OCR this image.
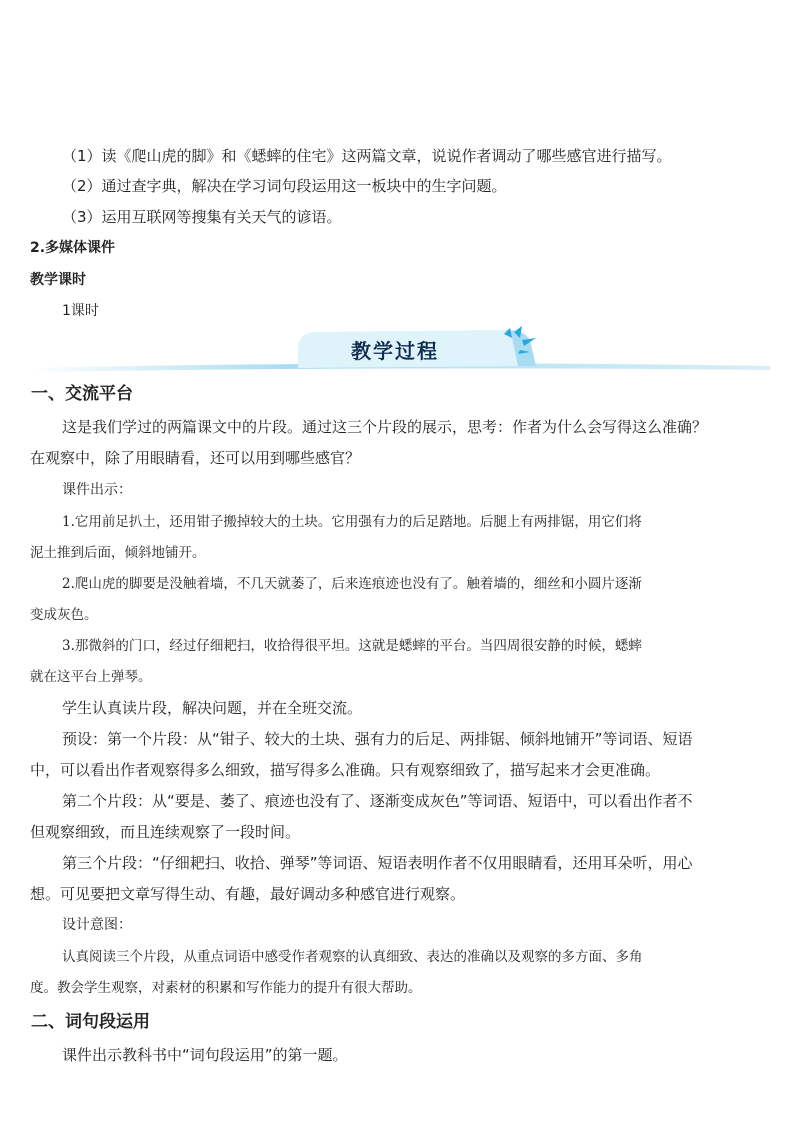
（1）读《爬山虎的脚》和《蟋蟀的住宅》这两篇文章，说说作者调动了哪些感官进行描写。
（2）通过查字典，解决在学习词句段运用这一板块中的生字问题。
（3）运用互联网等搜集有关天气的谚语。
2.多媒体课件
教学课时
1课时
教学过程
一、交流平台
这是我们学过的两篇课文中的片段。通过这三个片段的展示，思考：作者为什么会写得这么准确？
在观察中，除了用眼睛看，还可以用到哪些感官？
课件出示：
1.它用前足扒土，还用钳子搬掉较大的土块。它用强有力的后足踏地。后腿上有两排锯，用它们将
泥土推到后面，倾斜地铺开。
2.爬山虎的脚要是没触着墙，不几天就萎了，后来连痕迹也没有了。触着墙的，细丝和小圆片逐渐
变成灰色。
3.那微斜的门口，经过仔细耙扫，收拾得很平坦。这就是蟋蟀的平台。当四周很安静的时候，蟋蟀
就在这平台上弹琴。
学生认真读片段，解决问题，并在全班交流。
预设：第一个片段：从“钳子、较大的土块、强有力的后足、两排锯、倾斜地铺开”等词语、短语
中，可以看出作者观察得多么细致，描写得多么准确。只有观察细致了，描写起来才会更准确。
第二个片段：从“要是、萎了、痕迹也没有了、逐渐变成灰色”等词语、短语中，可以看出作者不
但观察细致，而且连续观察了一段时间。
第三个片段：“仔细耙扫、收拾、弹琴”等词语、短语表明作者不仅用眼睛看，还用耳朵听，用心
想。可见要把文章写得生动、有趣，最好调动多种感官进行观察。
设计意图：
认真阅读三个片段，从重点词语中感受作者观察的认真细致、表达的准确以及观察的多方面、多角
度。教会学生观察，对素材的积累和写作能力的提升有很大帮助。
二、词句段运用
课件出示教科书中“词句段运用”的第一题。
